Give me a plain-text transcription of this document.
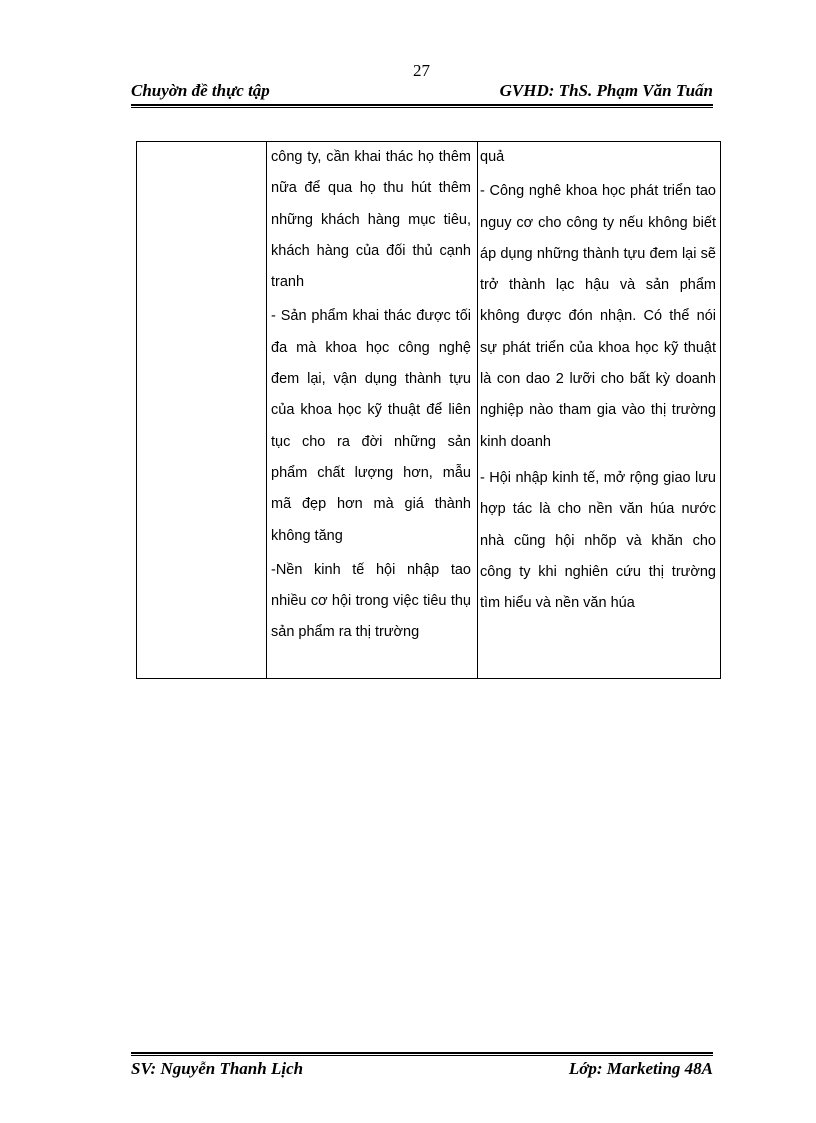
27
Chuyờn đề thực tập	GVHD: ThS. Phạm Văn Tuấn

công ty, cần khai thác họ thêm nữa để qua họ thu hút thêm những khách hàng mục tiêu, khách hàng của đối thủ cạnh tranh

- Sản phẩm khai thác được tối đa mà khoa học công nghệ đem lại, vận dụng thành tựu của khoa học kỹ thuật để liên tục cho ra đời những sản phẩm chất lượng hơn, mẫu mã đẹp hơn mà giá thành không tăng

-Nền kinh tế hội nhập tao nhiều cơ hội trong việc tiêu thụ sản phẩm ra thị trường

quả

- Công nghê khoa học phát triển tao nguy cơ cho công ty nếu không biết áp dụng những thành tựu đem lại sẽ trở thành lạc hậu và sản phẩm không được đón nhận. Có thể nói sự phát triển của khoa học kỹ thuật là con dao 2 lưỡi cho bất kỳ doanh nghiệp nào tham gia vào thị trường kinh doanh

- Hội nhập kinh tế, mở rộng giao lưu hợp tác là cho nền văn húa nước nhà cũng hội nhõp và khăn cho công ty khi nghiên cứu thị trường tìm hiểu và nền văn húa

SV: Nguyễn Thanh Lịch	Lớp: Marketing 48A
